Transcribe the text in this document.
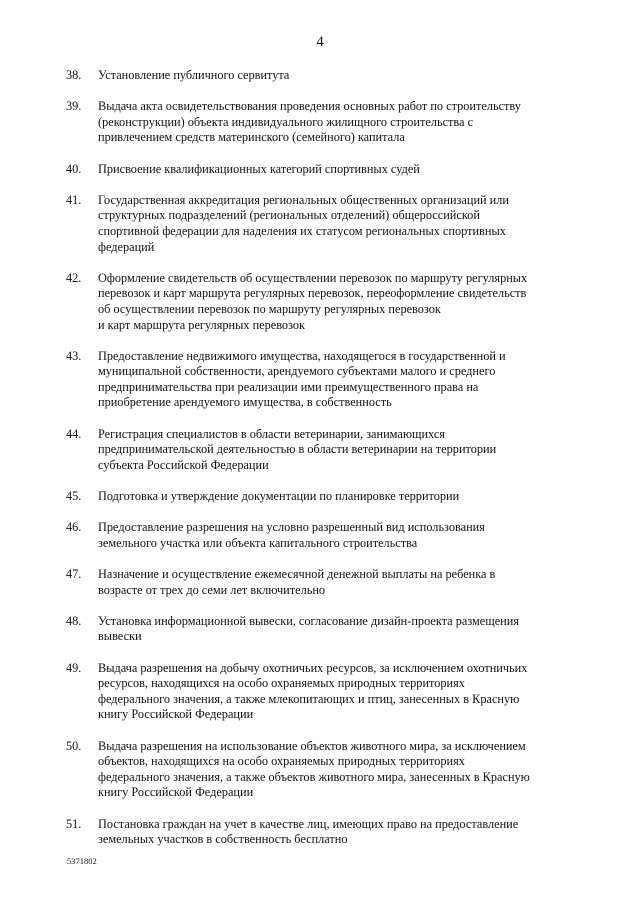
4
38.	Установление публичного сервитута
39.	Выдача акта освидетельствования проведения основных работ по строительству
(реконструкции) объекта индивидуального жилищного строительства с
привлечением средств материнского (семейного) капитала
40.	Присвоение квалификационных категорий спортивных судей
41.	Государственная аккредитация региональных общественных организаций или
структурных подразделений (региональных отделений) общероссийской
спортивной федерации для наделения их статусом региональных спортивных
федераций
42.	Оформление свидетельств об осуществлении перевозок по маршруту регулярных
перевозок и карт маршрута регулярных перевозок, переоформление свидетельств
об осуществлении перевозок по маршруту регулярных перевозок
и карт маршрута регулярных перевозок
43.	Предоставление недвижимого имущества, находящегося в государственной и
муниципальной собственности, арендуемого субъектами малого и среднего
предпринимательства при реализации ими преимущественного права на
приобретение арендуемого имущества, в собственность
44.	Регистрация специалистов в области ветеринарии, занимающихся
предпринимательской деятельностью в области ветеринарии на территории
субъекта Российской Федерации
45.	Подготовка и утверждение документации по планировке территории
46.	Предоставление разрешения на условно разрешенный вид использования
земельного участка или объекта капитального строительства
47.	Назначение и осуществление ежемесячной денежной выплаты на ребенка в
возрасте от трех до семи лет включительно
48.	Установка информационной вывески, согласование дизайн-проекта размещения
вывески
49.	Выдача разрешения на добычу охотничьих ресурсов, за исключением охотничьих
ресурсов, находящихся на особо охраняемых природных территориях
федерального значения, а также млекопитающих и птиц, занесенных в Красную
книгу Российской Федерации
50.	Выдача разрешения на использование объектов животного мира, за исключением
объектов, находящихся на особо охраняемых природных территориях
федерального значения, а также объектов животного мира, занесенных в Красную
книгу Российской Федерации
51.	Постановка граждан на учет в качестве лиц, имеющих право на предоставление
земельных участков в собственность бесплатно
5371802
